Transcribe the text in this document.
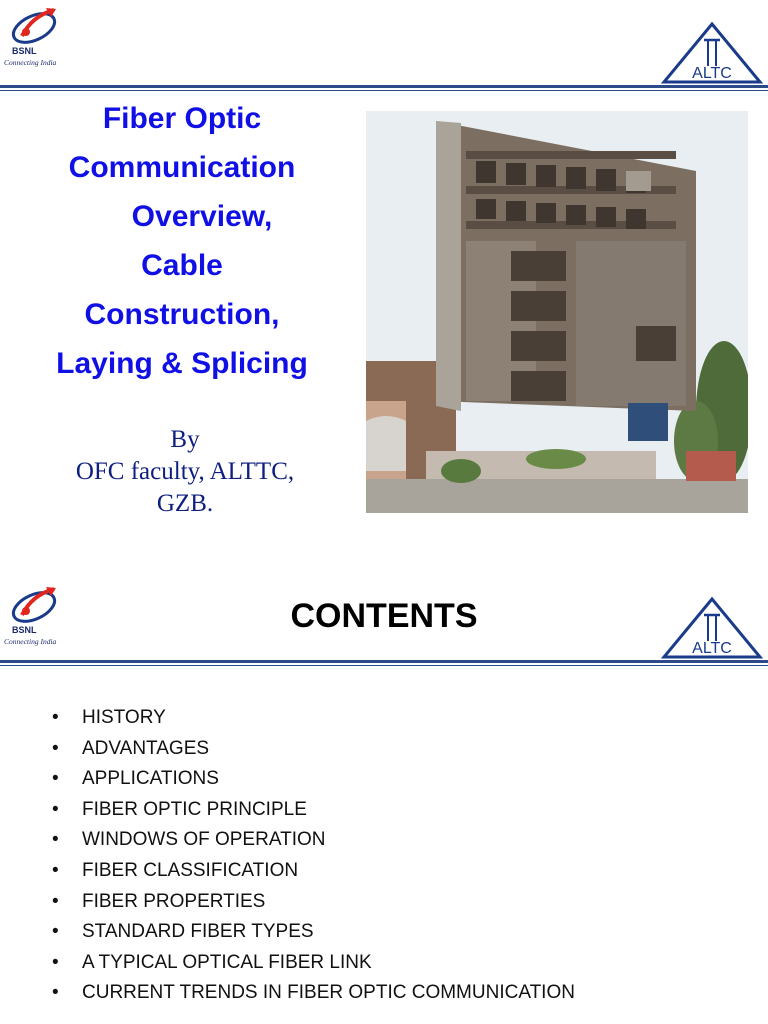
BSNL
Connecting India
ALTC
Fiber Optic
Communication
Overview,
Cable
Construction,
Laying & Splicing
By
OFC faculty, ALTTC,
GZB.
BSNL
Connecting India
CONTENTS
ALTC
• HISTORY
• ADVANTAGES
• APPLICATIONS
• FIBER OPTIC PRINCIPLE
• WINDOWS OF OPERATION
• FIBER CLASSIFICATION
• FIBER PROPERTIES
• STANDARD FIBER TYPES
• A TYPICAL OPTICAL FIBER LINK
• CURRENT TRENDS IN FIBER OPTIC COMMUNICATION
